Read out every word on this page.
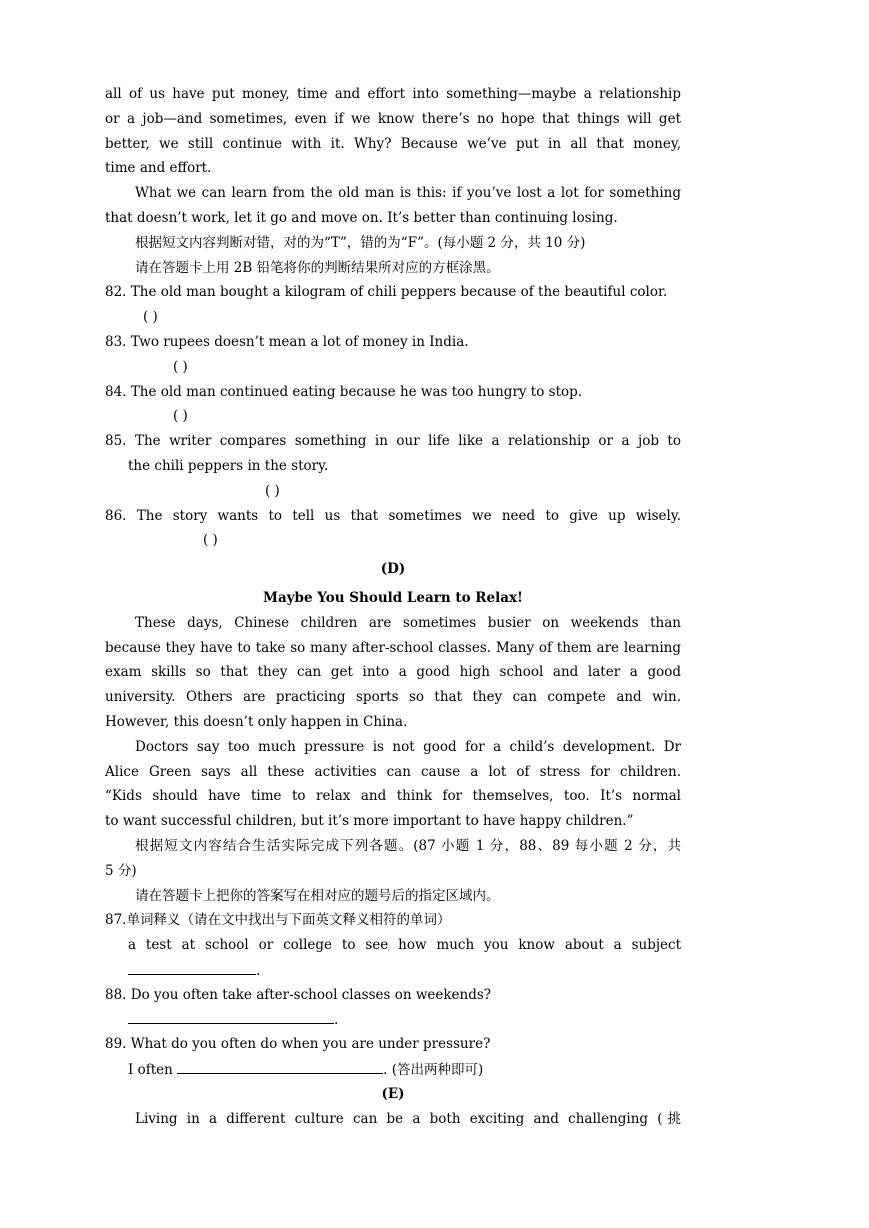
all of us have put money, time and effort into something—maybe a relationship
or a job—and sometimes, even if we know there’s no hope that things will get
better, we still continue with it. Why? Because we’ve put in all that money,
time and effort.
What we can learn from the old man is this: if you’ve lost a lot for something
that doesn’t work, let it go and move on. It’s better than continuing losing.
根据短文内容判断对错，对的为“T”，错的为“F”。(每小题 2 分，共 10 分)
请在答题卡上用 2B 铅笔将你的判断结果所对应的方框涂黑。
82. The old man bought a kilogram of chili peppers because of the beautiful color.
( )
83. Two rupees doesn’t mean a lot of money in India.
( )
84. The old man continued eating because he was too hungry to stop.
( )
85. The writer compares something in our life like a relationship or a job to
the chili peppers in the story.
( )
86. The story wants to tell us that sometimes we need to give up wisely.
( )
(D)
Maybe You Should Learn to Relax!
These days, Chinese children are sometimes busier on weekends than
because they have to take so many after-school classes. Many of them are learning
exam skills so that they can get into a good high school and later a good
university. Others are practicing sports so that they can compete and win.
However, this doesn’t only happen in China.
Doctors say too much pressure is not good for a child’s development. Dr
Alice Green says all these activities can cause a lot of stress for children.
“Kids should have time to relax and think for themselves, too. It’s normal
to want successful children, but it’s more important to have happy children.”
根据短文内容结合生活实际完成下列各题。(87 小题 1 分，88、89 每小题 2 分，共
5 分)
请在答题卡上把你的答案写在相对应的题号后的指定区域内。
87.单词释义（请在文中找出与下面英文释义相符的单词）
a test at school or college to see how much you know about a subject
.
88. Do you often take after-school classes on weekends?
.
89. What do you often do when you are under pressure?
I often	. (答出两种即可)
(E)
Living in a different culture can be a both exciting and challenging (挑
